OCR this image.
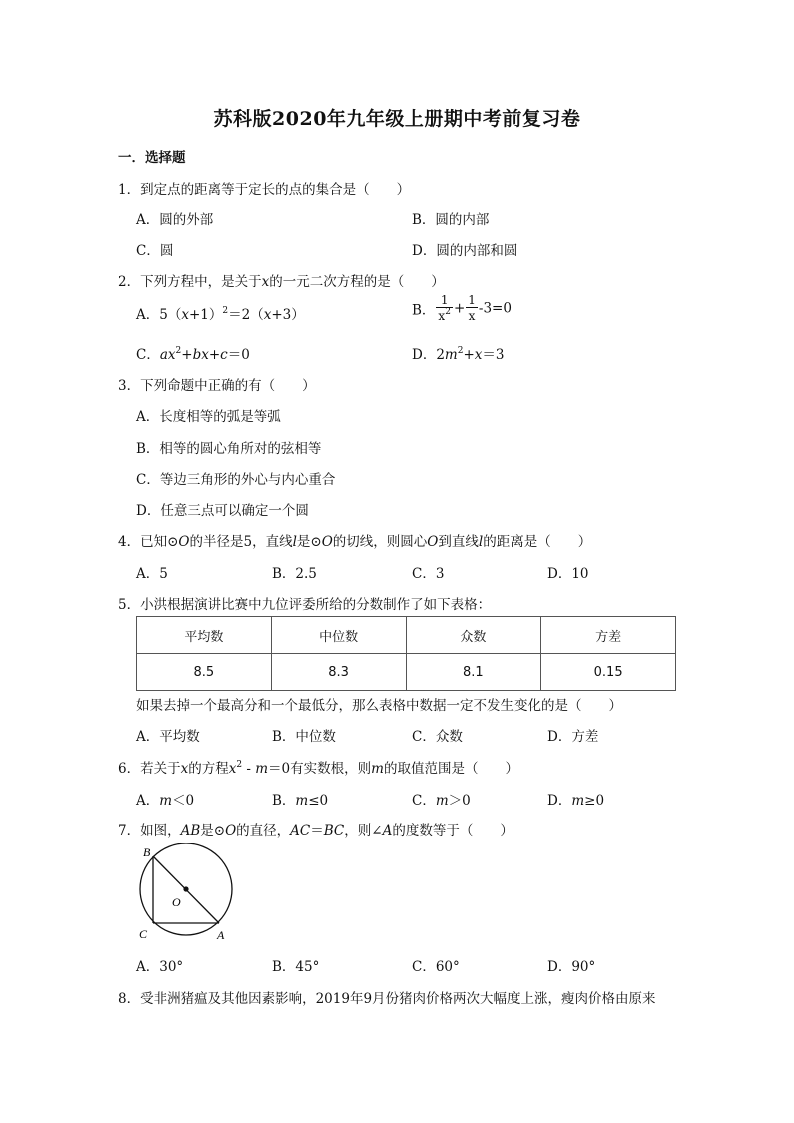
苏科版2020年九年级上册期中考前复习卷
一．选择题
1．到定点的距离等于定长的点的集合是（　　）
A．圆的外部	B．圆的内部
C．圆	D．圆的内部和圆
2．下列方程中，是关于x的一元二次方程的是（　　）
A．$5(x+1)^2=2(x+3)$	B． $\frac{1}{x^2} + \frac{1}{x} -3=0$
C．$ax^2+bx+c=0$	D．$2m^2+x=3$
3．下列命题中正确的有（　　）
A．长度相等的弧是等弧
B．相等的圆心角所对的弦相等
C．等边三角形的外心与内心重合
D．任意三点可以确定一个圆
4．已知⊙O的半径是5，直线l是⊙O的切线，则圆心O到直线l的距离是（　　）
A．5	B．2.5	C．3	D．10
5．小洪根据演讲比赛中九位评委所给的分数制作了如下表格：
平均数	中位数	众数	方差
8.5	8.3	8.1	0.15
如果去掉一个最高分和一个最低分，那么表格中数据一定不发生变化的是（　　）
A．平均数	B．中位数	C．众数	D．方差
6．若关于x的方程$x^2 - m=0$有实数根，则m的取值范围是（　　）
A．m＜0	B．m≤0	C．m＞0	D．m≥0
7．如图，AB是⊙O的直径，AC＝BC，则∠A的度数等于（　　）
B
O
C	A
A．30°	B．45°	C．60°	D．90°
8．受非洲猪瘟及其他因素影响，2019年9月份猪肉价格两次大幅度上涨，瘦肉价格由原来
